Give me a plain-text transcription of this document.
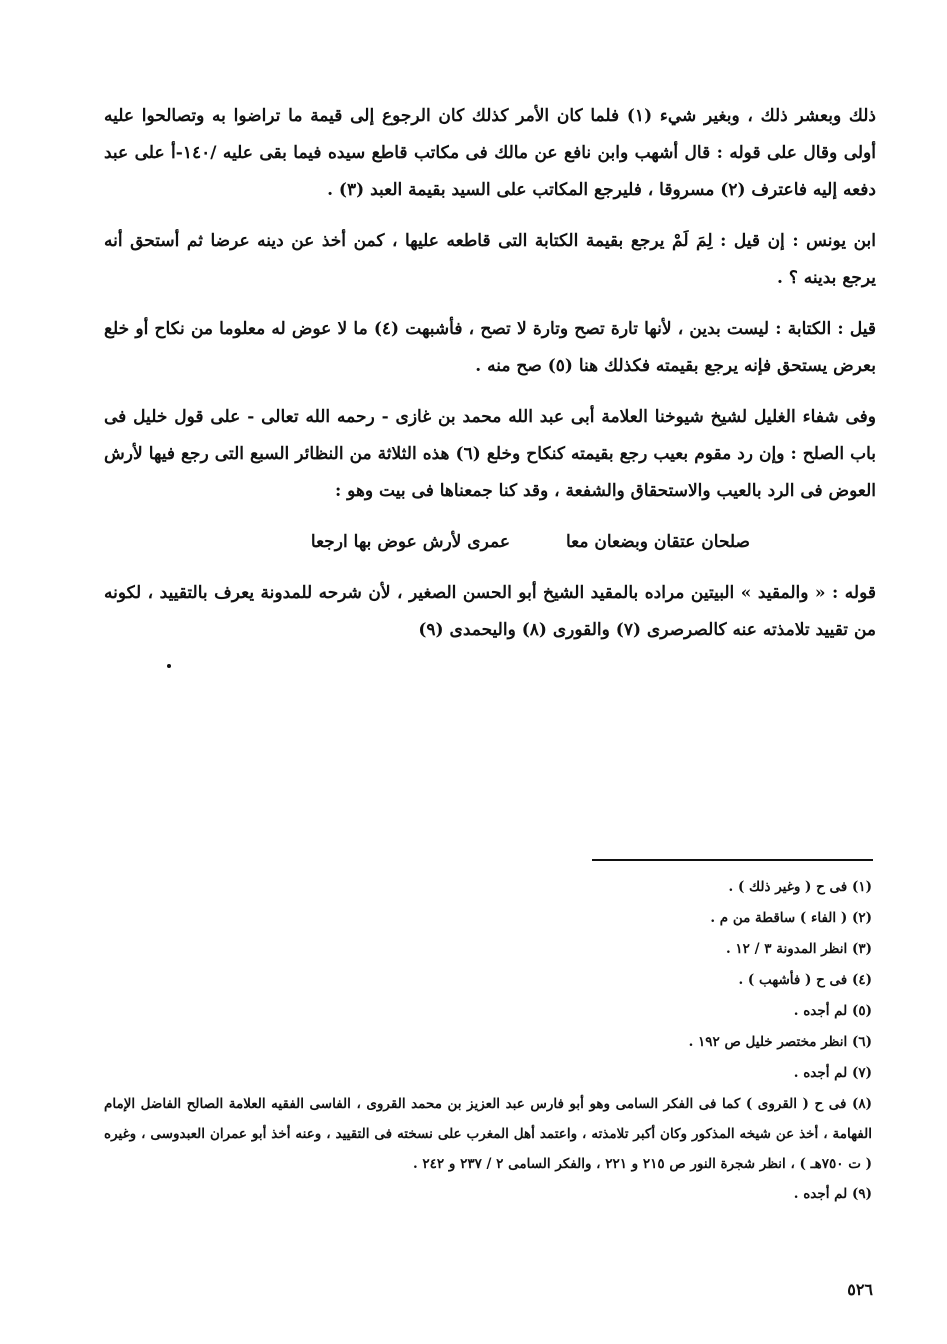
ذلك وبعشر ذلك ، وبغير شيء (١) فلما كان الأمر كذلك كان الرجوع إلى قيمة ما تراضوا به وتصالحوا عليه أولى وقال على قوله : قال أشهب وابن نافع عن مالك فى مكاتب قاطع سيده فيما بقى عليه /١٤٠-أ على عبد دفعه إليه فاعترف (٢) مسروقا ، فليرجع المكاتب على السيد بقيمة العبد (٣) .

ابن يونس : إن قيل : لِمَ لَمْ يرجع بقيمة الكتابة التى قاطعه عليها ، كمن أخذ عن دينه عرضا ثم أستحق أنه يرجع بدينه ؟ .

قيل : الكتابة : ليست بدين ، لأنها تارة تصح وتارة لا تصح ، فأشبهت (٤) ما لا عوض له معلوما من نكاح أو خلع بعرض يستحق فإنه يرجع بقيمته فكذلك هنا (٥) صح منه .

وفى شفاء الغليل لشيخ شيوخنا العلامة أبى عبد الله محمد بن غازى - رحمه الله تعالى - على قول خليل فى باب الصلح : وإن رد مقوم بعيب رجع بقيمته كنكاح وخلع (٦) هذه الثلاثة من النظائر السبع التى رجع فيها لأرش العوض فى الرد بالعيب والاستحقاق والشفعة ، وقد كنا جمعناها فى بيت وهو :

صلحان عتقان وبضعان معا
عمرى لأرش عوض بها ارجعا

قوله : « والمقيد » البيتين مراده بالمقيد الشيخ أبو الحسن الصغير ، لأن شرحه للمدونة يعرف بالتقييد ، لكونه من تقييد تلامذته عنه كالصرصرى (٧) والقورى (٨) واليحمدى (٩)

(١) فى ح ( وغير ذلك ) .

(٢) ( الفاء ) ساقطة من م .

(٣) انظر المدونة ٣ / ١٢ .

(٤) فى ح ( فأشهب ) .

(٥) لم أجده .

(٦) انظر مختصر خليل ص ١٩٢ .

(٧) لم أجده .

(٨) فى ح ( القروى ) كما فى الفكر السامى وهو أبو فارس عبد العزيز بن محمد القروى ، الفاسى الفقيه العلامة الصالح الفاضل الإمام الفهامة ، أخذ عن شيخه المذكور وكان أكبر تلامذته ، واعتمد أهل المغرب على نسخته فى التقييد ، وعنه أخذ أبو عمران العبدوسى ، وغيره ( ت ٧٥٠هـ ) ، انظر شجرة النور ص ٢١٥ و ٢٢١ ، والفكر السامى ٢ / ٢٣٧ و ٢٤٢ .

(٩) لم أجده .

٥٢٦
